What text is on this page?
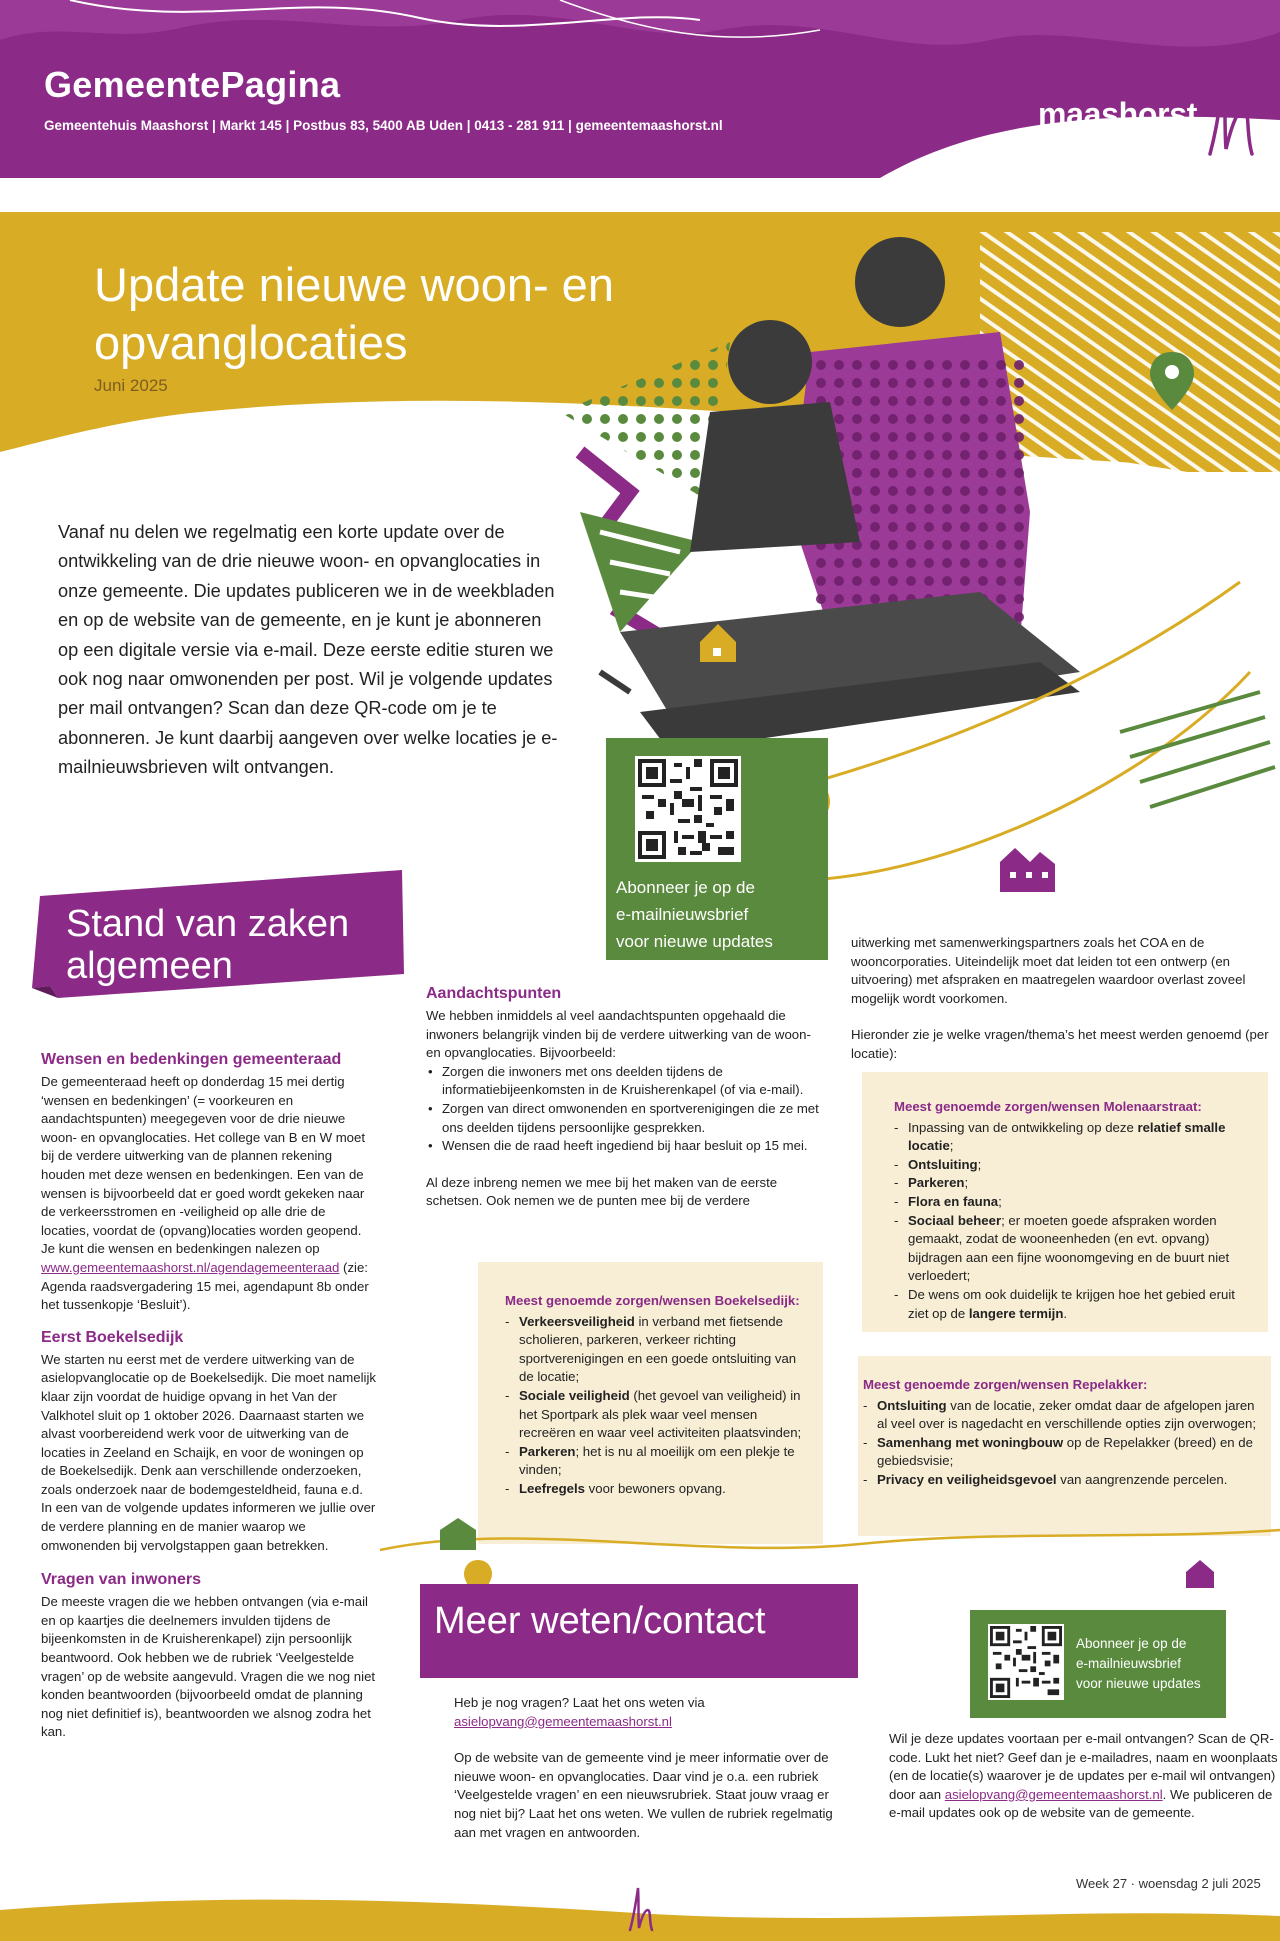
GemeentePagina
Gemeentehuis Maashorst | Markt 145 | Postbus 83, 5400 AB Uden | 0413 - 281 911 | gemeentemaashorst.nl	maashorst
Update nieuwe woon- en
opvanglocaties
Juni 2025

Vanaf nu delen we regelmatig een korte update over de ontwikkeling van de drie nieuwe woon- en opvanglocaties in onze gemeente. Die updates publiceren we in de weekbladen en op de website van de gemeente, en je kunt je abonneren op een digitale versie via e-mail. Deze eerste editie sturen we ook nog naar omwonenden per post. Wil je volgende updates per mail ontvangen? Scan dan deze QR-code om je te abonneren. Je kunt daarbij aangeven over welke locaties je e-mailnieuwsbrieven wilt ontvangen.

Abonneer je op de
e-mailnieuwsbrief
voor nieuwe updates
Stand van zaken
algemeen
Wensen en bedenkingen gemeenteraad

De gemeenteraad heeft op donderdag 15 mei dertig ‘wensen en bedenkingen’ (= voorkeuren en aandachtspunten) meegegeven voor de drie nieuwe woon- en opvanglocaties. Het college van B en W moet bij de verdere uitwerking van de plannen rekening houden met deze wensen en bedenkingen. Een van de wensen is bijvoorbeeld dat er goed wordt gekeken naar de verkeersstromen en -veiligheid op alle drie de locaties, voordat de (opvang)locaties worden geopend. Je kunt die wensen en bedenkingen nalezen op www.gemeentemaashorst.nl/agendagemeenteraad (zie: Agenda raadsvergadering 15 mei, agendapunt 8b onder het tussenkopje ‘Besluit’).

Eerst Boekelsedijk

We starten nu eerst met de verdere uitwerking van de asielopvanglocatie op de Boekelsedijk. Die moet namelijk klaar zijn voordat de huidige opvang in het Van der Valkhotel sluit op 1 oktober 2026. Daarnaast starten we alvast voorbereidend werk voor de uitwerking van de locaties in Zeeland en Schaijk, en voor de woningen op de Boekelsedijk. Denk aan verschillende onderzoeken, zoals onderzoek naar de bodemgesteldheid, fauna e.d. In een van de volgende updates informeren we jullie over de verdere planning en de manier waarop we omwonenden bij vervolgstappen gaan betrekken.

Vragen van inwoners

De meeste vragen die we hebben ontvangen (via e-mail en op kaartjes die deelnemers invulden tijdens de bijeenkomsten in de Kruisherenkapel) zijn persoonlijk beantwoord. Ook hebben we de rubriek ‘Veelgestelde vragen’ op de website aangevuld. Vragen die we nog niet konden beantwoorden (bijvoorbeeld omdat de planning nog niet definitief is), beantwoorden we alsnog zodra het kan.

Aandachtspunten

We hebben inmiddels al veel aandachtspunten opgehaald die inwoners belangrijk vinden bij de verdere uitwerking van de woon- en opvanglocaties. Bijvoorbeeld:

• Zorgen die inwoners met ons deelden tijdens de informatiebijeenkomsten in de Kruisherenkapel (of via e-mail).
• Zorgen van direct omwonenden en sportverenigingen die ze met ons deelden tijdens persoonlijke gesprekken.
• Wensen die de raad heeft ingediend bij haar besluit op 15 mei.

Al deze inbreng nemen we mee bij het maken van de eerste schetsen. Ook nemen we de punten mee bij de verdere

uitwerking met samenwerkingspartners zoals het COA en de wooncorporaties. Uiteindelijk moet dat leiden tot een ontwerp (en uitvoering) met afspraken en maatregelen waardoor overlast zoveel mogelijk wordt voorkomen.

Hieronder zie je welke vragen/thema’s het meest werden genoemd (per locatie):

Meest genoemde zorgen/wensen Boekelsedijk:
- Verkeersveiligheid in verband met fietsende scholieren, parkeren, verkeer richting sportverenigingen en een goede ontsluiting van de locatie;
- Sociale veiligheid (het gevoel van veiligheid) in het Sportpark als plek waar veel mensen recreëren en waar veel activiteiten plaatsvinden;
- Parkeren; het is nu al moeilijk om een plekje te vinden;
- Leefregels voor bewoners opvang.
Meest genoemde zorgen/wensen Molenaarstraat:
- Inpassing van de ontwikkeling op deze relatief smalle locatie;
- Ontsluiting;
- Parkeren;
- Flora en fauna;
- Sociaal beheer; er moeten goede afspraken worden gemaakt, zodat de wooneenheden (en evt. opvang) bijdragen aan een fijne woonomgeving en de buurt niet verloedert;
- De wens om ook duidelijk te krijgen hoe het gebied eruit ziet op de langere termijn.
Meest genoemde zorgen/wensen Repelakker:
- Ontsluiting van de locatie, zeker omdat daar de afgelopen jaren al veel over is nagedacht en verschillende opties zijn overwogen;
- Samenhang met woningbouw op de Repelakker (breed) en de gebiedsvisie;
- Privacy en veiligheidsgevoel van aangrenzende percelen.
Meer weten/contact

Heb je nog vragen? Laat het ons weten via

asielopvang@gemeentemaashorst.nl

Op de website van de gemeente vind je meer informatie over de nieuwe woon- en opvanglocaties. Daar vind je o.a. een rubriek ‘Veelgestelde vragen’ en een nieuwsrubriek. Staat jouw vraag er nog niet bij? Laat het ons weten. We vullen de rubriek regelmatig aan met vragen en antwoorden.

Abonneer je op de
e-mailnieuwsbrief
voor nieuwe updates

Wil je deze updates voortaan per e-mail ontvangen? Scan de QR-code. Lukt het niet? Geef dan je e-mailadres, naam en woonplaats (en de locatie(s) waarover je de updates per e-mail wil ontvangen) door aan asielopvang@gemeentemaashorst.nl. We publiceren de e-mail updates ook op de website van de gemeente.

Week 27 · woensdag 2 juli 2025
